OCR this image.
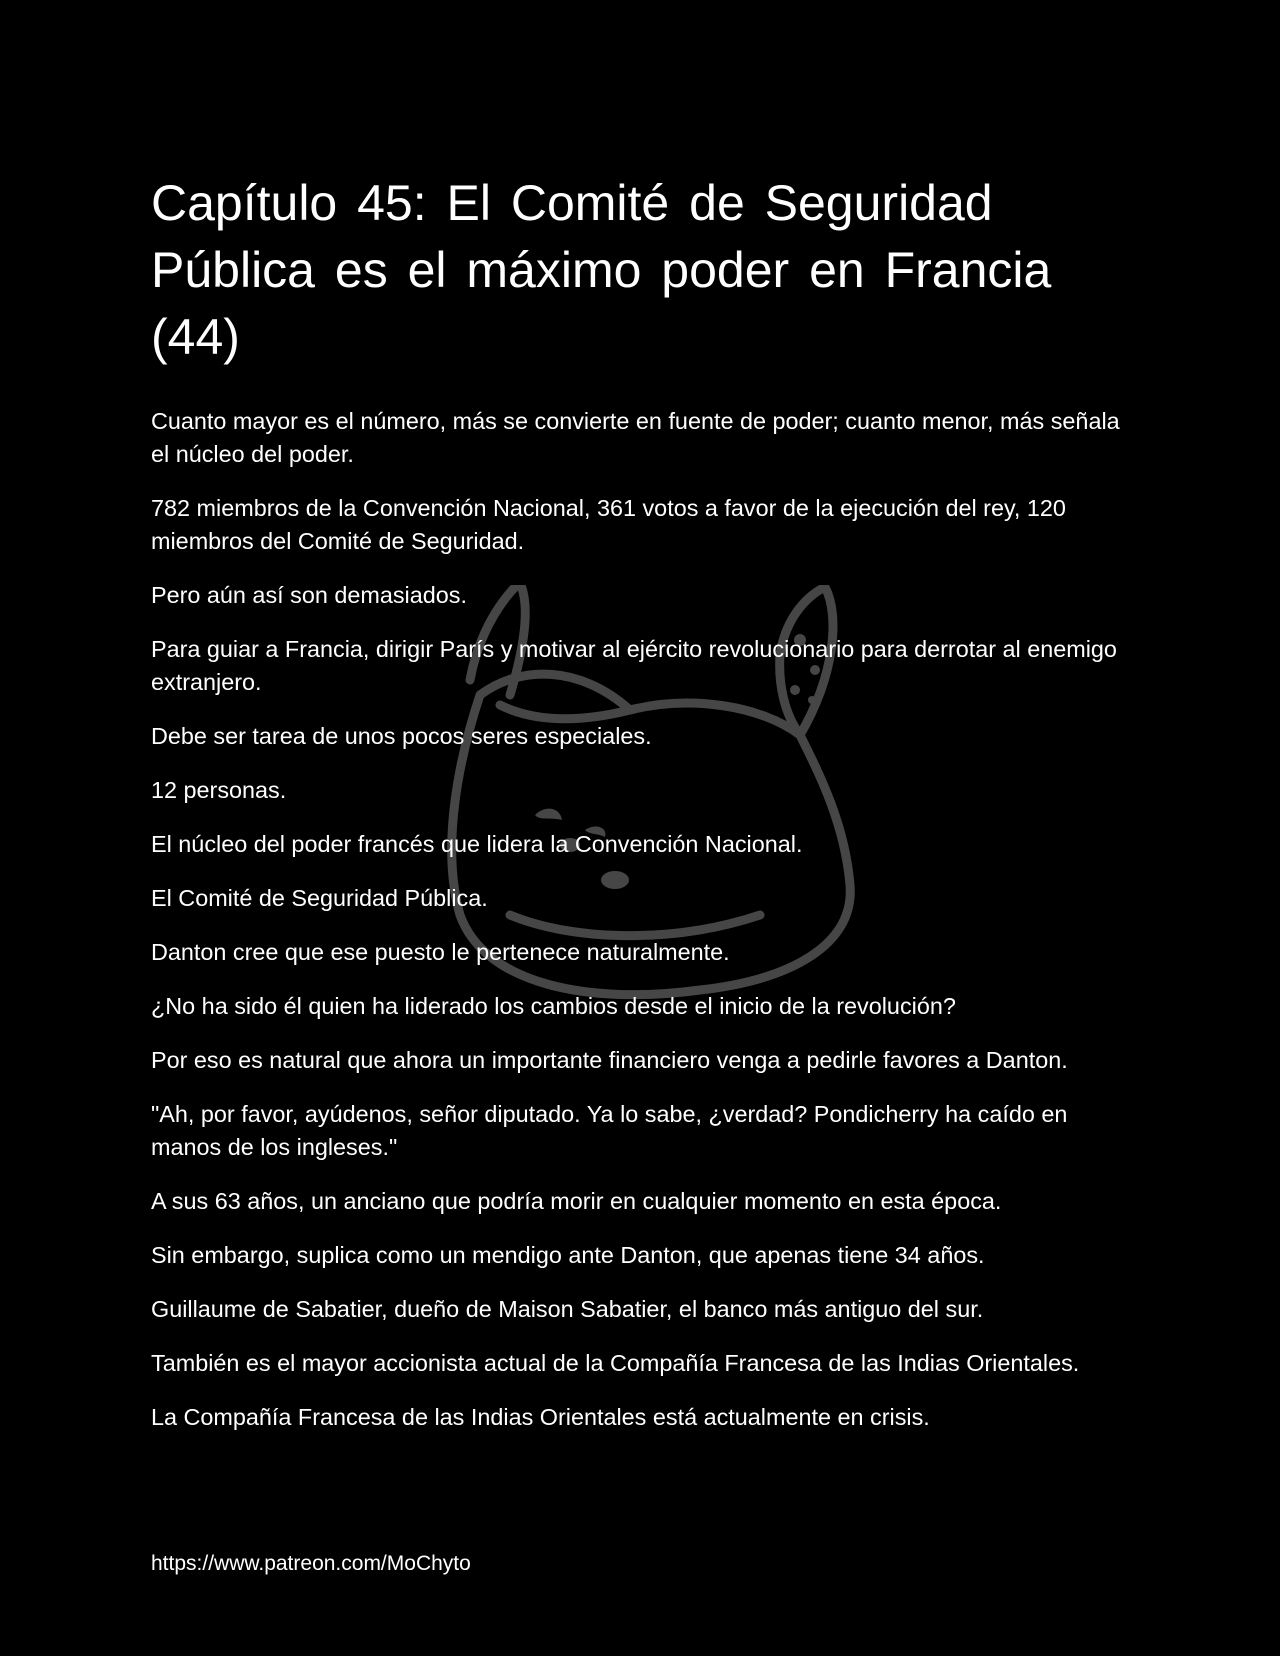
Capítulo 45: El Comité de Seguridad Pública es el máximo poder en Francia (44)

Cuanto mayor es el número, más se convierte en fuente de poder; cuanto menor, más señala el núcleo del poder.

782 miembros de la Convención Nacional, 361 votos a favor de la ejecución del rey, 120 miembros del Comité de Seguridad.

Pero aún así son demasiados.

Para guiar a Francia, dirigir París y motivar al ejército revolucionario para derrotar al enemigo extranjero.

Debe ser tarea de unos pocos seres especiales.

12 personas.

El núcleo del poder francés que lidera la Convención Nacional.

El Comité de Seguridad Pública.

Danton cree que ese puesto le pertenece naturalmente.

¿No ha sido él quien ha liderado los cambios desde el inicio de la revolución?

Por eso es natural que ahora un importante financiero venga a pedirle favores a Danton.

"Ah, por favor, ayúdenos, señor diputado. Ya lo sabe, ¿verdad? Pondicherry ha caído en manos de los ingleses."

A sus 63 años, un anciano que podría morir en cualquier momento en esta época.

Sin embargo, suplica como un mendigo ante Danton, que apenas tiene 34 años.

Guillaume de Sabatier, dueño de Maison Sabatier, el banco más antiguo del sur.

También es el mayor accionista actual de la Compañía Francesa de las Indias Orientales.

La Compañía Francesa de las Indias Orientales está actualmente en crisis.

https://www.patreon.com/MoChyto
